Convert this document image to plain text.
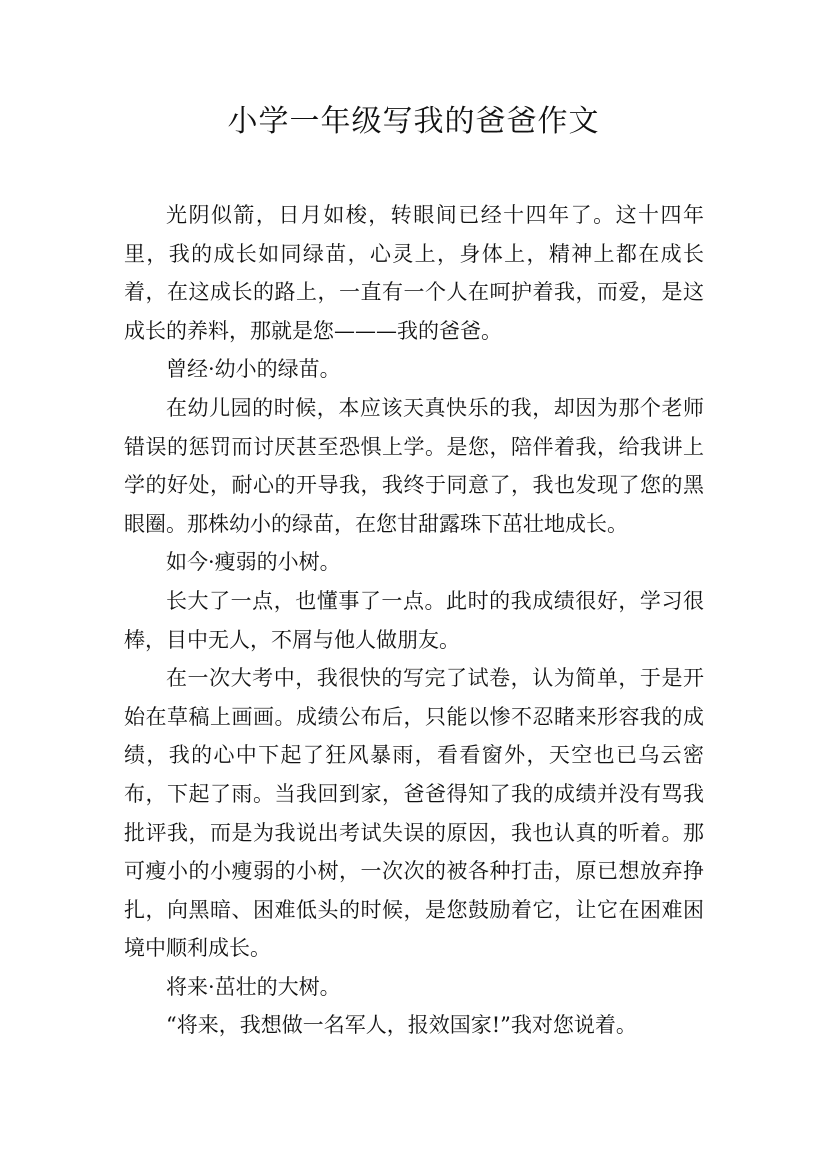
小学一年级写我的爸爸作文

光阴似箭，日月如梭，转眼间已经十四年了。这十四年里，我的成长如同绿苗，心灵上，身体上，精神上都在成长着，在这成长的路上，一直有一个人在呵护着我，而爱，是这成长的养料，那就是您———我的爸爸。

曾经·幼小的绿苗。

在幼儿园的时候，本应该天真快乐的我，却因为那个老师错误的惩罚而讨厌甚至恐惧上学。是您，陪伴着我，给我讲上学的好处，耐心的开导我，我终于同意了，我也发现了您的黑眼圈。那株幼小的绿苗，在您甘甜露珠下茁壮地成长。

如今·瘦弱的小树。

长大了一点，也懂事了一点。此时的我成绩很好，学习很棒，目中无人，不屑与他人做朋友。

在一次大考中，我很快的写完了试卷，认为简单，于是开始在草稿上画画。成绩公布后，只能以惨不忍睹来形容我的成绩，我的心中下起了狂风暴雨，看看窗外，天空也已乌云密布，下起了雨。当我回到家，爸爸得知了我的成绩并没有骂我批评我，而是为我说出考试失误的原因，我也认真的听着。那可瘦小的小瘦弱的小树，一次次的被各种打击，原已想放弃挣扎，向黑暗、困难低头的时候，是您鼓励着它，让它在困难困境中顺利成长。

将来·茁壮的大树。

“将来，我想做一名军人，报效国家!”我对您说着。
